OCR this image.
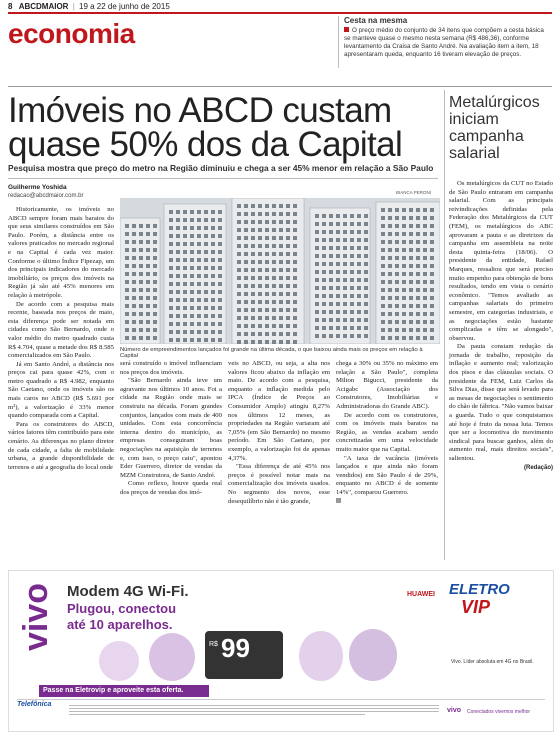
8 ABCDMAIOR | 19 a 22 de junho de 2015
economia	Cesta na mesma
O preço médio do conjunto de 34 itens que compõem a cesta básica se manteve quase o mesmo nesta semana (R$ 486,36), conforme levantamento da Craisa de Santo André. Na avaliação item a item, 18 apresentaram queda, enquanto 16 tiveram elevação de preços.
Imóveis no ABCD custam quase 50% dos da Capital
Pesquisa mostra que preço do metro na Região diminuiu e chega a ser 45% menor em relação a São Paulo
Guilherme Yoshida
redacao@abcdmaior.com.br

Historicamente, os imóveis no ABCD sempre foram mais baratos do que seus similares construídos em São Paulo. Porém, a distância entre os valores praticados no mercado regional e na Capital é cada vez maior. Conforme o último Índice Fipezap, um dos principais indicadores do mercado imobiliário, os preços dos imóveis na Região já são até 45% menores em relação à metrópole.

De acordo com a pesquisa mais recente, baseada nos preços de maio, esta diferença pode ser notada em cidades como São Bernardo, onde o valor médio do metro quadrado custa R$ 4.704, quase a metade dos R$ 8.585 comercializados em São Paulo.

Já em Santo André, a distância nos preços cai para quase 42%, com o metro quadrado a R$ 4.982, enquanto São Caetano, onde os imóveis são os mais caros no ABCD (R$ 5.691 por m²), a valorização é 33% menor quando comparada com a Capital.

Para os construtores do ABCD, vários fatores têm contribuído para este cenário. As diferenças no plano diretor de cada cidade, a falta de mobilidade urbana, a grande disponibilidade de terrenos e até a geografia do local onde

BIANCA PERONI
Número de empreendimentos lançados foi grande na última década, o que baixou ainda mais os preços em relação à Capital

será construído o imóvel influenciam nos preços dos imóveis.

"São Bernardo ainda teve um agravante nos últimos 10 anos. Foi a cidade na Região onde mais se construiu na década. Foram grandes conjuntos, lançados com mais de 400 unidades. Com esta concorrência interna dentro do município, as empresas conseguiram boas negociações na aquisição de terrenos e, com isso, o preço caiu", apontou Eder Guerrero, diretor de vendas da MZM Construtora, de Santo André.

Como reflexo, houve queda real dos preços de vendas dos imó-

veis no ABCD, ou seja, a alta nos valores ficou abaixo da inflação em maio. De acordo com a pesquisa, enquanto a inflação medida pelo IPCA (Índice de Preços ao Consumidor Amplo) atingiu 8,27% nos últimos 12 meses, as propriedades na Região variaram até 7,05% (em São Bernardo) no mesmo período. Em São Caetano, por exemplo, a valorização foi de apenas 4,37%.

"Essa diferença de até 45% nos preços é possível notar mais na comercialização dos imóveis usados. No segmento dos novos, esse desequilíbrio não é tão grande,

chega a 30% ou 35% no máximo em relação a São Paulo", completa Milton Bigucci, presidente da Acigabc (Associação dos Construtores, Imobiliárias e Administradoras do Grande ABC).

De acordo com os construtores, com os imóveis mais baratos na Região, as vendas acabam sendo concretizadas em uma velocidade muito maior que na Capital.

"A taxa de vacância (imóveis lançados e que ainda não foram vendidos) em São Paulo é de 29%, enquanto no ABCD é de somente 14%", comparou Guerrero.

Metalúrgicos iniciam campanha salarial

Os metalúrgicos da CUT no Estado de São Paulo entraram em campanha salarial. Com as principais reivindicações definidas pela Federação dos Metalúrgicos da CUT (FEM), os metalúrgicos do ABC aprovaram a pauta e as diretrizes da campanha em assembleia na noite desta quinta-feira (18/06). O presidente da entidade, Rafael Marques, ressaltou que será preciso muito empenho para obtenção de bons resultados, tendo em vista o cenário econômico. "Temos avaliado as campanhas salariais do primeiro semestre, em categorias industriais, e as negociações estão bastante complicadas e têm se alongado", observou.

Da pauta constam redução da jornada de trabalho, reposição da inflação e aumento real; valorização dos pisos e das cláusulas sociais. O presidente da FEM, Luiz Carlos da Silva Dias, disse que será levado para as mesas de negociações o sentimento do chão de fábrica. "Não vamos baixar a guarda. Tudo o que conquistamos até hoje é fruto da nossa luta. Temos que ser a locomotiva do movimento sindical para buscar ganhos, além do aumento real, mais direitos sociais", salientou.

(Redação)
vivo Modem 4G Wi-Fi.
Plugou, conectou
até 10 aparelhos.
R$ 99
ELETRO
VIP
HUAWEI
Vivo. Líder absoluta em 4G no Brasil.
Passe na Eletrovip e aproveite esta oferta.
Telefônica
vivo Conectados vivemos melhor
